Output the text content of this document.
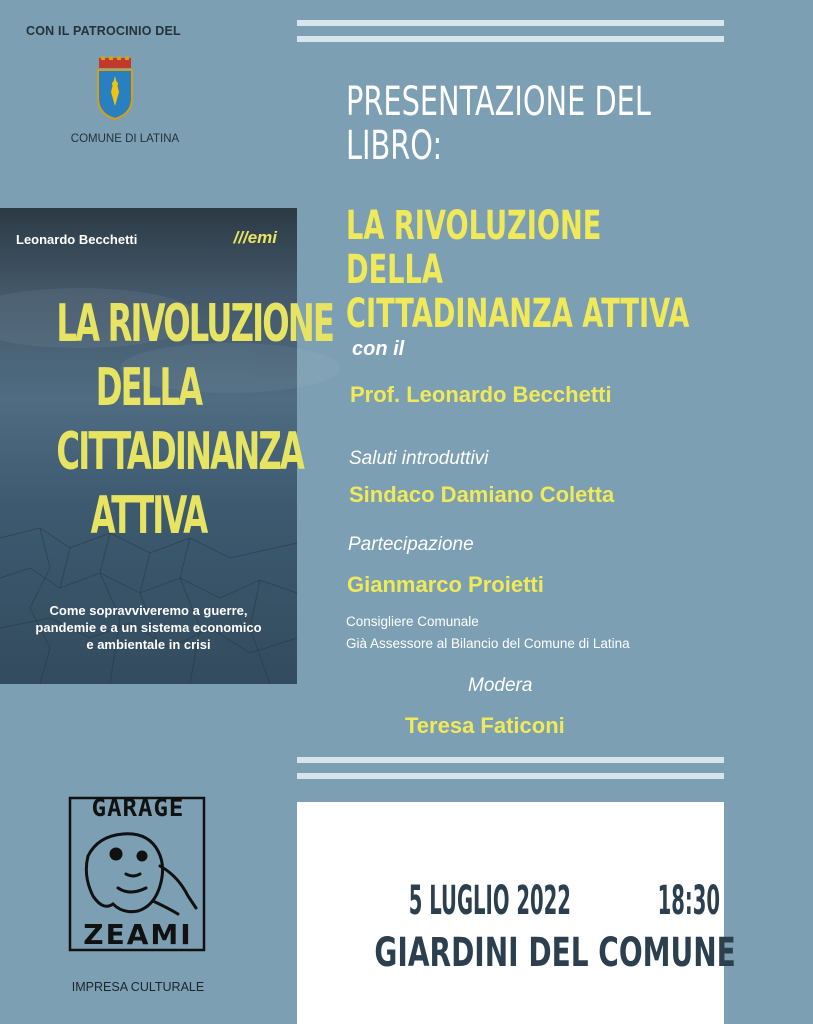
CON IL PATROCINIO DEL
COMUNE DI LATINA
Leonardo Becchetti	///emi
LA RIVOLUZIONE
DELLA
CITTADINANZA
ATTIVA
Come sopravviveremo a guerre,
pandemie e a un sistema economico
e ambientale in crisi
GARAGE
ZEAMI
IMPRESA CULTURALE
PRESENTAZIONE DEL
LIBRO:
LA RIVOLUZIONE
DELLA
CITTADINANZA ATTIVA
con il
Prof. Leonardo Becchetti
Saluti introduttivi
Sindaco Damiano Coletta
Partecipazione
Gianmarco Proietti
Consigliere Comunale
Già Assessore al Bilancio del Comune di Latina
Modera
Teresa Faticoni
5 LUGLIO 2022 18:30
GIARDINI DEL COMUNE
